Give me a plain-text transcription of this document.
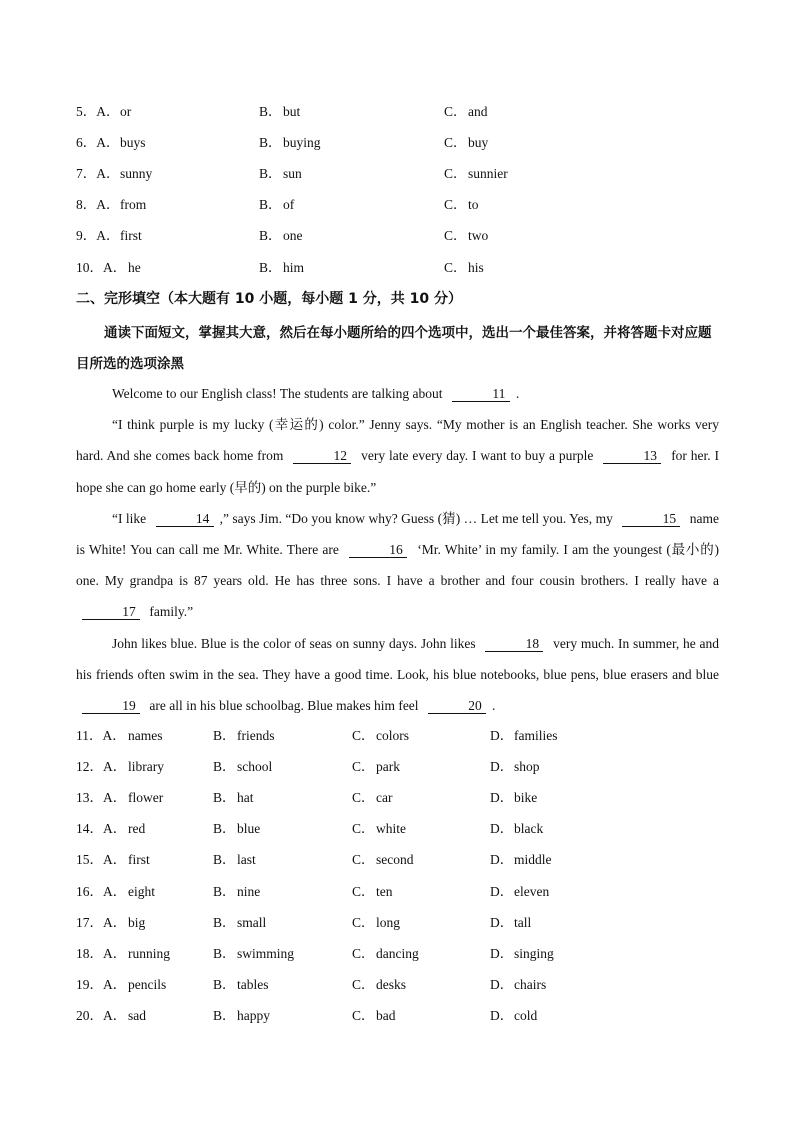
5．A． or	B． but	C． and
6．A． buys	B． buying	C． buy
7．A． sunny	B． sun	C． sunnier
8．A． from	B． of	C． to
9．A． first	B． one	C． two
10．A． he	B． him	C． his
二、完形填空（本大题有 10 小题，每小题 1 分，共 10 分）
通读下面短文，掌握其大意，然后在每小题所给的四个选项中，选出一个最佳答案，并将答题卡对应题目所选的选项涂黑

Welcome to our English class! The students are talking about	11 .

“I think purple is my lucky (幸运的) color.” Jenny says. “My mother is an English teacher. She works very hard. And she comes back home from	12 very late every day. I want to buy a purple	13 for her. I hope she can go home early (早的) on the purple bike.”

“I like	14 ,” says Jim. “Do you know why? Guess (猜) … Let me tell you. Yes, my	15 name is White! You can call me Mr. White. There are	16 ‘Mr. White’ in my family. I am the youngest (最小的) one. My grandpa is 87 years old. He has three sons. I have a brother and four cousin brothers. I really have a 17 family.”

John likes blue. Blue is the color of seas on sunny days. John likes	18 very much. In summer, he and his friends often swim in the sea. They have a good time. Look, his blue notebooks, blue pens, blue erasers and blue 19 are all in his blue schoolbag. Blue makes him feel	20 .

11．A． names	B． friends	C． colors	D． families
12．A． library	B． school	C． park	D． shop
13．A． flower	B． hat	C． car	D． bike
14．A． red	B． blue	C． white	D． black
15．A． first	B． last	C． second	D． middle
16．A． eight	B． nine	C． ten	D． eleven
17．A． big	B． small	C． long	D． tall
18．A． running	B． swimming	C． dancing	D． singing
19．A． pencils	B． tables	C． desks	D． chairs
20．A． sad	B． happy	C． bad	D． cold
